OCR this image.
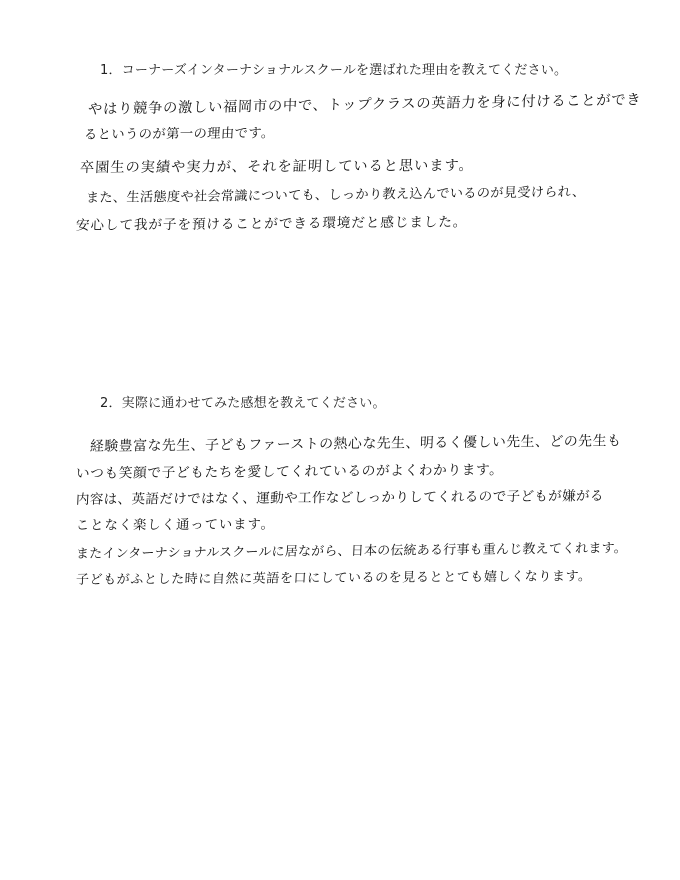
1．コーナーズインターナショナルスクールを選ばれた理由を教えてください。
やはり競争の激しい福岡市の中で、トップクラスの英語力を身に付けることができ
るというのが第一の理由です。
卒園生の実績や実力が、それを証明していると思います。
また、生活態度や社会常識についても、しっかり教え込んでいるのが見受けられ、
安心して我が子を預けることができる環境だと感じました。
2．実際に通わせてみた感想を教えてください。
経験豊富な先生、子どもファーストの熱心な先生、明るく優しい先生、どの先生も
いつも笑顔で子どもたちを愛してくれているのがよくわかります。
内容は、英語だけではなく、運動や工作などしっかりしてくれるので子どもが嫌がる
ことなく楽しく通っています。
またインターナショナルスクールに居ながら、日本の伝統ある行事も重んじ教えてくれます。
子どもがふとした時に自然に英語を口にしているのを見るととても嬉しくなります。
